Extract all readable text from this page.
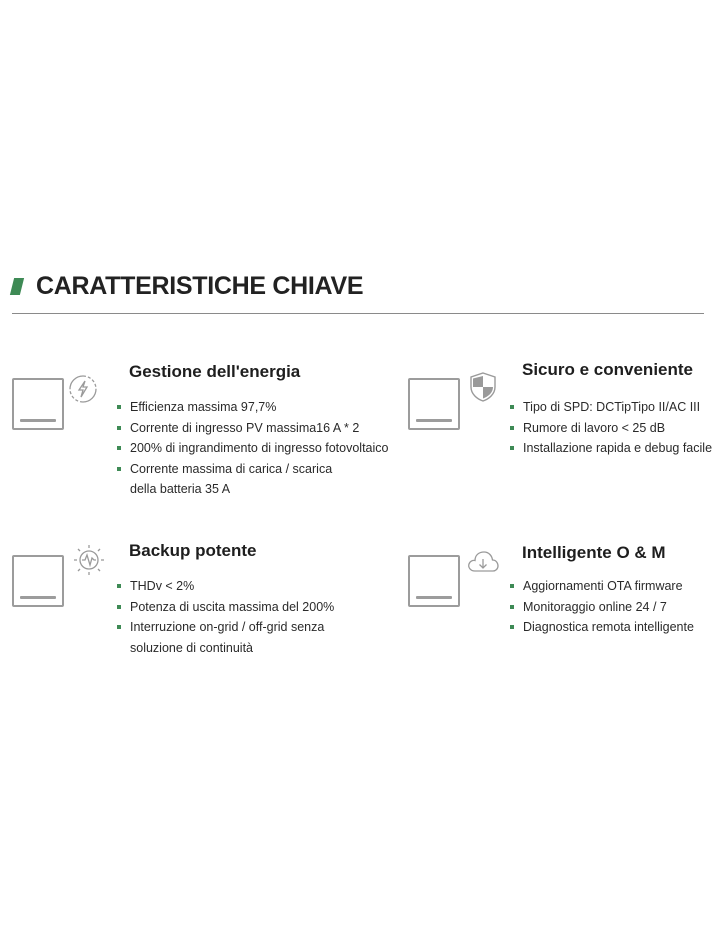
CARATTERISTICHE CHIAVE
Gestione dell'energia
Efficienza massima 97,7%
Corrente di ingresso PV massima16 A * 2
200% di ingrandimento di ingresso fotovoltaico
Corrente massima di carica / scarica
della batteria 35 A
Sicuro e conveniente
Tipo di SPD: DCTipTipo II/AC III
Rumore di lavoro < 25 dB
Installazione rapida e debug facile
Backup potente
THDv < 2%
Potenza di uscita massima del 200%
Interruzione on-grid / off-grid senza
soluzione di continuità
Intelligente O & M
Aggiornamenti OTA firmware
Monitoraggio online 24 / 7
Diagnostica remota intelligente
